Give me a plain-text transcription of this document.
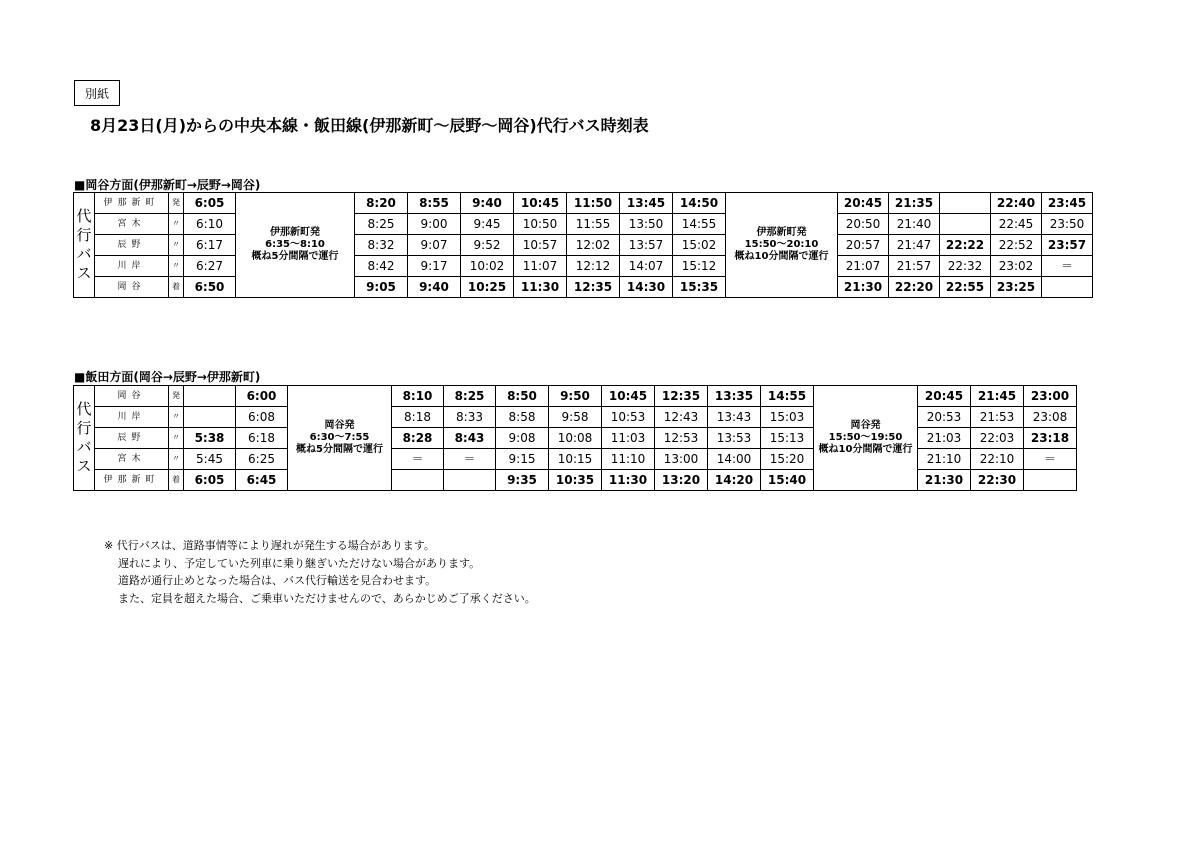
別紙
8月23日(月)からの中央本線・飯田線(伊那新町～辰野～岡谷)代行バス時刻表
■岡谷方面(伊那新町→辰野→岡谷)
代行バス	伊那新町	発	6:05	伊那新町発
6:35～8:10
概ね5分間隔で運行	8:20	8:55	9:40	10:45	11:50	13:45	14:50	伊那新町発
15:50～20:10
概ね10分間隔で運行	20:45	21:35		22:40	23:45
	宮木	〃	6:10		8:25	9:00	9:45	10:50	11:55	13:50	14:55		20:50	21:40		22:45	23:50
	辰野	〃	6:17		8:32	9:07	9:52	10:57	12:02	13:57	15:02		20:57	21:47	22:22	22:52	23:57
	川岸	〃	6:27		8:42	9:17	10:02	11:07	12:12	14:07	15:12		21:07	21:57	22:32	23:02	＝
	岡谷	着	6:50		9:05	9:40	10:25	11:30	12:35	14:30	15:35		21:30	22:20	22:55	23:25	
■飯田方面(岡谷→辰野→伊那新町)
代行バス	岡谷	発		6:00	岡谷発
6:30～7:55
概ね5分間隔で運行	8:10	8:25	8:50	9:50	10:45	12:35	13:35	14:55	岡谷発
15:50～19:50
概ね10分間隔で運行	20:45	21:45	23:00
	川岸	〃		6:08		8:18	8:33	8:58	9:58	10:53	12:43	13:43	15:03		20:53	21:53	23:08
	辰野	〃	5:38	6:18		8:28	8:43	9:08	10:08	11:03	12:53	13:53	15:13		21:03	22:03	23:18
	宮木	〃	5:45	6:25		＝	＝	9:15	10:15	11:10	13:00	14:00	15:20		21:10	22:10	＝
	伊那新町	着	6:05	6:45				9:35	10:35	11:30	13:20	14:20	15:40		21:30	22:30	
※ 代行バスは、道路事情等により遅れが発生する場合があります。
遅れにより、予定していた列車に乗り継ぎいただけない場合があります。
道路が通行止めとなった場合は、バス代行輸送を見合わせます。
また、定員を超えた場合、ご乗車いただけませんので、あらかじめご了承ください。
